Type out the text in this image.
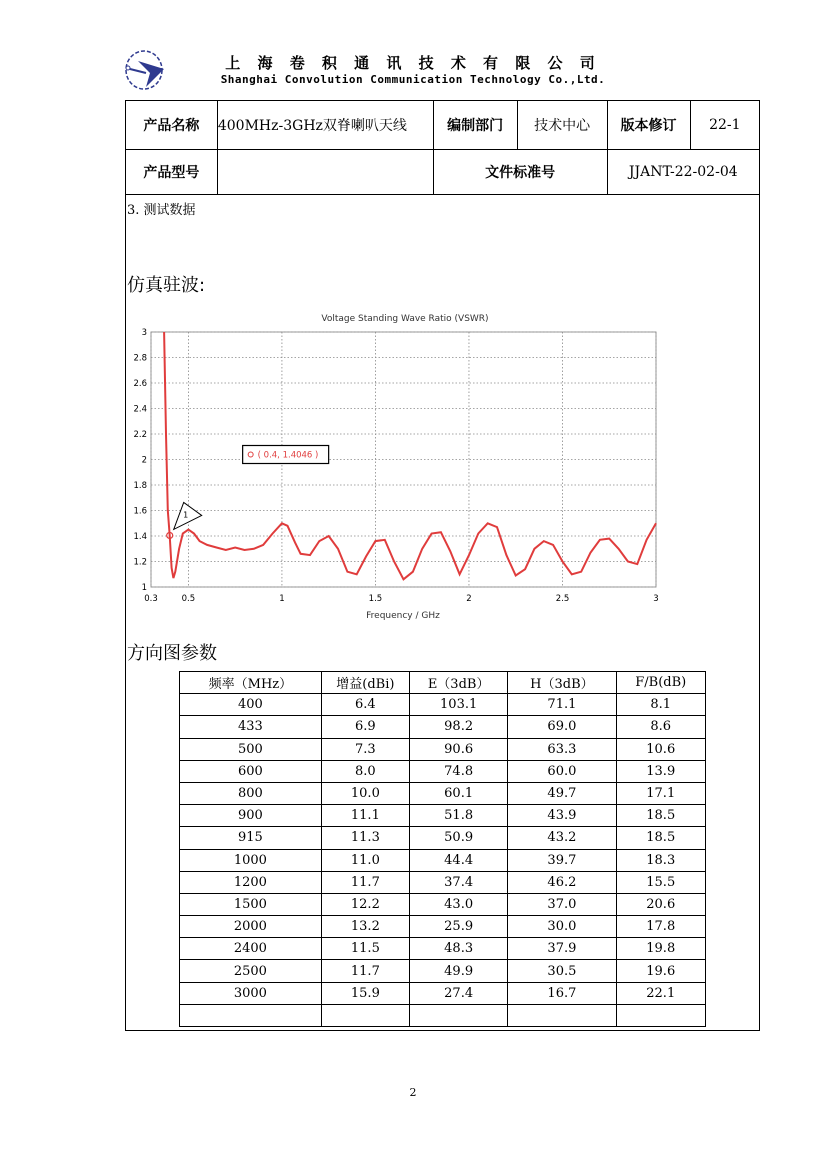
上 海 卷 积 通 讯 技 术 有 限 公 司
Shanghai Convolution Communication Technology Co.,Ltd.
产品名称	400MHz-3GHz双脊喇叭天线	编制部门	技术中心	版本修订	22-1
产品型号		文件标准号		JJANT-22-02-04	
3. 测试数据
仿真驻波:
Voltage Standing Wave Ratio (VSWR)
1
1.2
1.4
1.6
1.8
2
2.2
2.4
2.6
2.8
3
0.3	0.5	1	1.5	2	2.5	3
1
( 0.4, 1.4046 )
Frequency / GHz
方向图参数
频率（MHz）	增益(dBi)	E（3dB）	H（3dB）	F/B(dB)
400	6.4	103.1	71.1	8.1
433	6.9	98.2	69.0	8.6
500	7.3	90.6	63.3	10.6
600	8.0	74.8	60.0	13.9
800	10.0	60.1	49.7	17.1
900	11.1	51.8	43.9	18.5
915	11.3	50.9	43.2	18.5
1000	11.0	44.4	39.7	18.3
1200	11.7	37.4	46.2	15.5
1500	12.2	43.0	37.0	20.6
2000	13.2	25.9	30.0	17.8
2400	11.5	48.3	37.9	19.8
2500	11.7	49.9	30.5	19.6
3000	15.9	27.4	16.7	22.1

2
